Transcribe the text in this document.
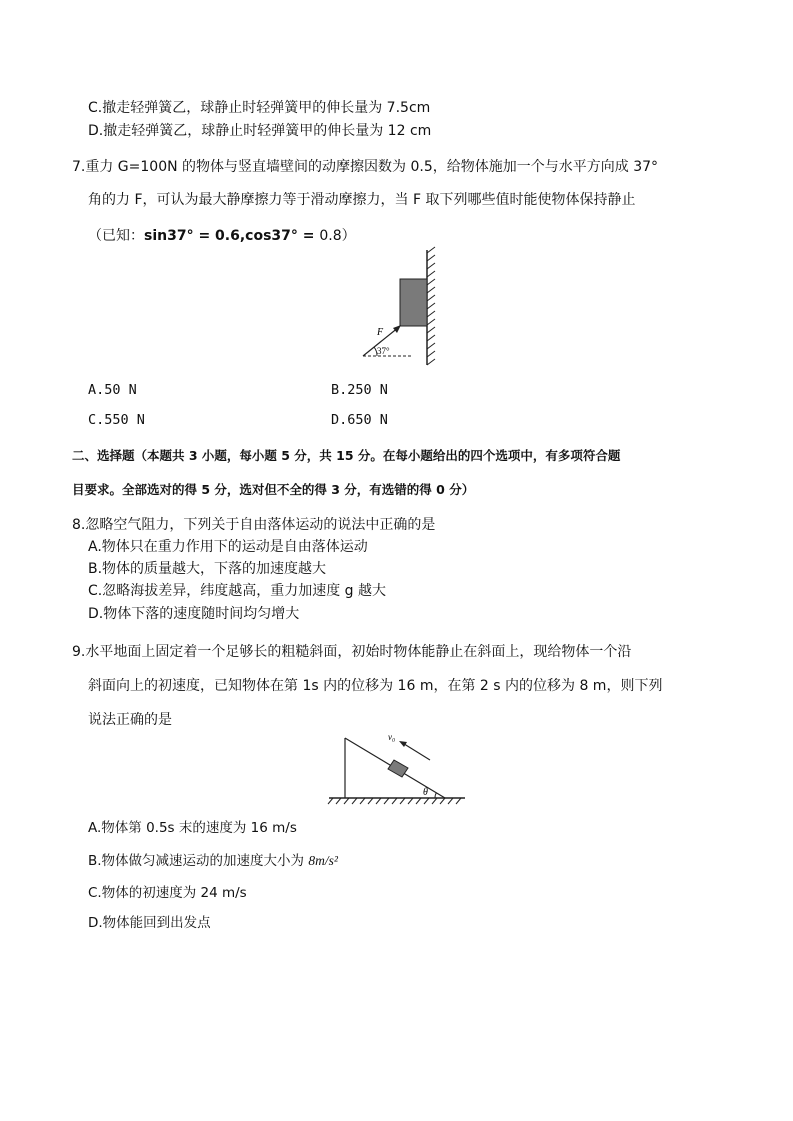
C.撤走轻弹簧乙，球静止时轻弹簧甲的伸长量为 7.5cm
D.撤走轻弹簧乙，球静止时轻弹簧甲的伸长量为 12 cm
7.重力 G=100N 的物体与竖直墙壁间的动摩擦因数为 0.5，给物体施加一个与水平方向成 37°
角的力 F，可认为最大静摩擦力等于滑动摩擦力，当 F 取下列哪些值时能使物体保持静止
（已知：sin37° = 0.6,cos37° = 0.8）
F
37°
A.50 N	B.250 N
C.550 N	D.650 N
二、选择题（本题共 3 小题，每小题 5 分，共 15 分。在每小题给出的四个选项中，有多项符合题
目要求。全部选对的得 5 分，选对但不全的得 3 分，有选错的得 0 分）
8.忽略空气阻力，下列关于自由落体运动的说法中正确的是
A.物体只在重力作用下的运动是自由落体运动
B.物体的质量越大，下落的加速度越大
C.忽略海拔差异，纬度越高，重力加速度 g 越大
D.物体下落的速度随时间均匀增大
9.水平地面上固定着一个足够长的粗糙斜面，初始时物体能静止在斜面上，现给物体一个沿
斜面向上的初速度，已知物体在第 1s 内的位移为 16 m，在第 2 s 内的位移为 8 m，则下列
说法正确的是
v₀
θ
A.物体第 0.5s 末的速度为 16 m/s
B.物体做匀减速运动的加速度大小为 8m/s²
C.物体的初速度为 24 m/s
D.物体能回到出发点
